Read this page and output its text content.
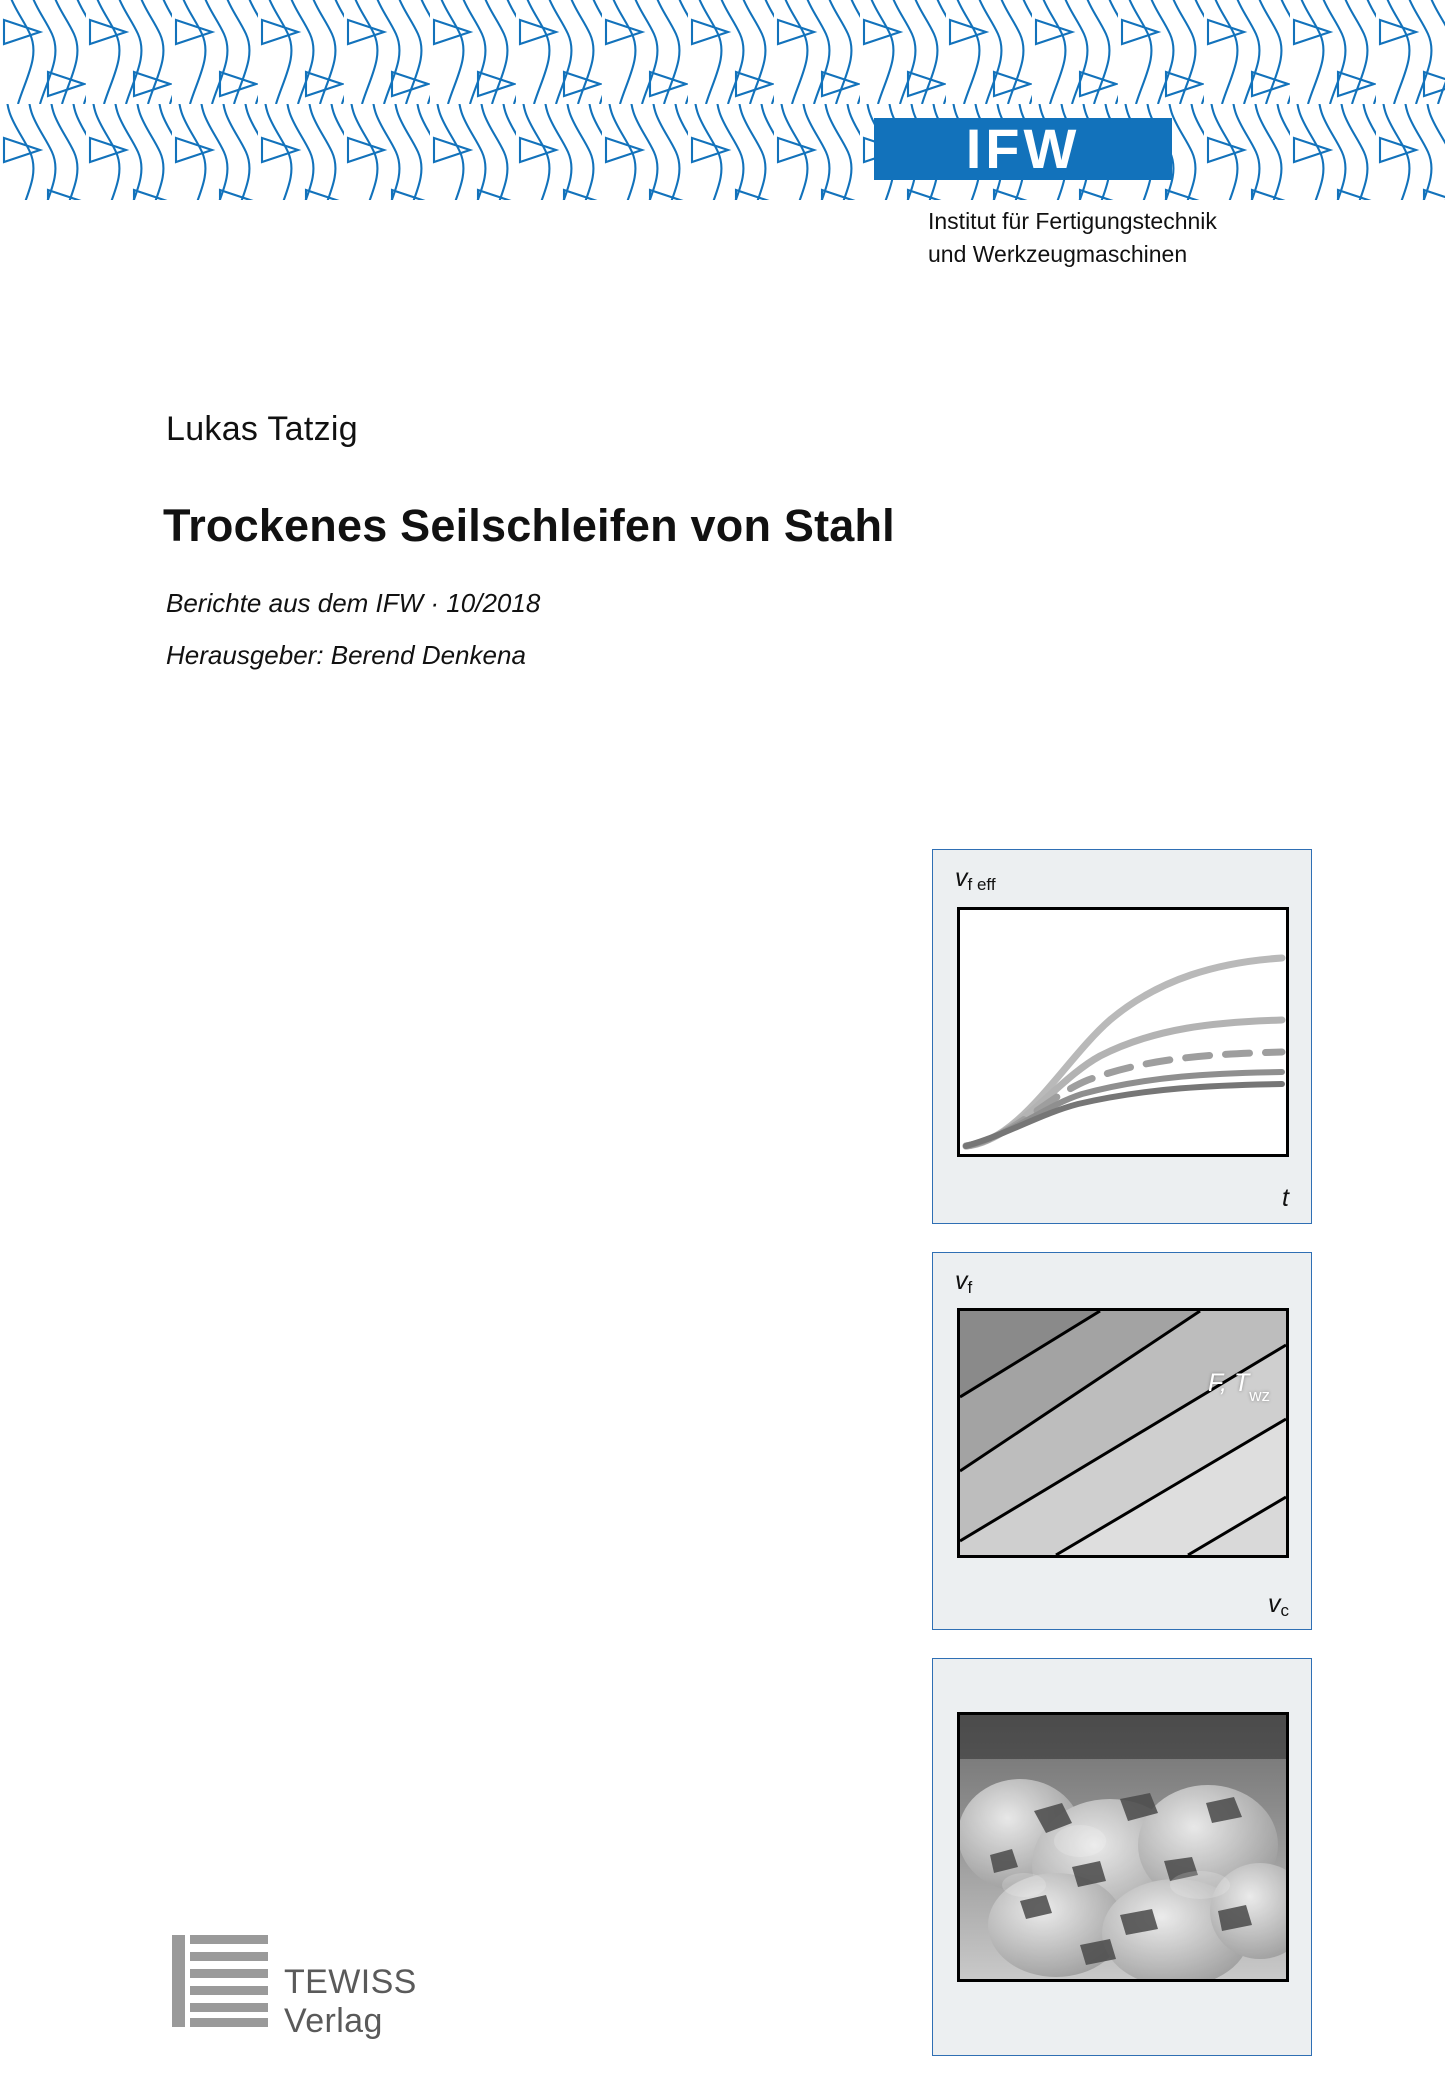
IFW
Institut für Fertigungstechnik
und Werkzeugmaschinen
Lukas Tatzig
Trockenes Seilschleifen von Stahl
Berichte aus dem IFW · 10/2018
Herausgeber: Berend Denkena
$v_{f eff}$
t
$v_f$
F, $T_{wz}$
$v_c$
TEWISS Verlag
